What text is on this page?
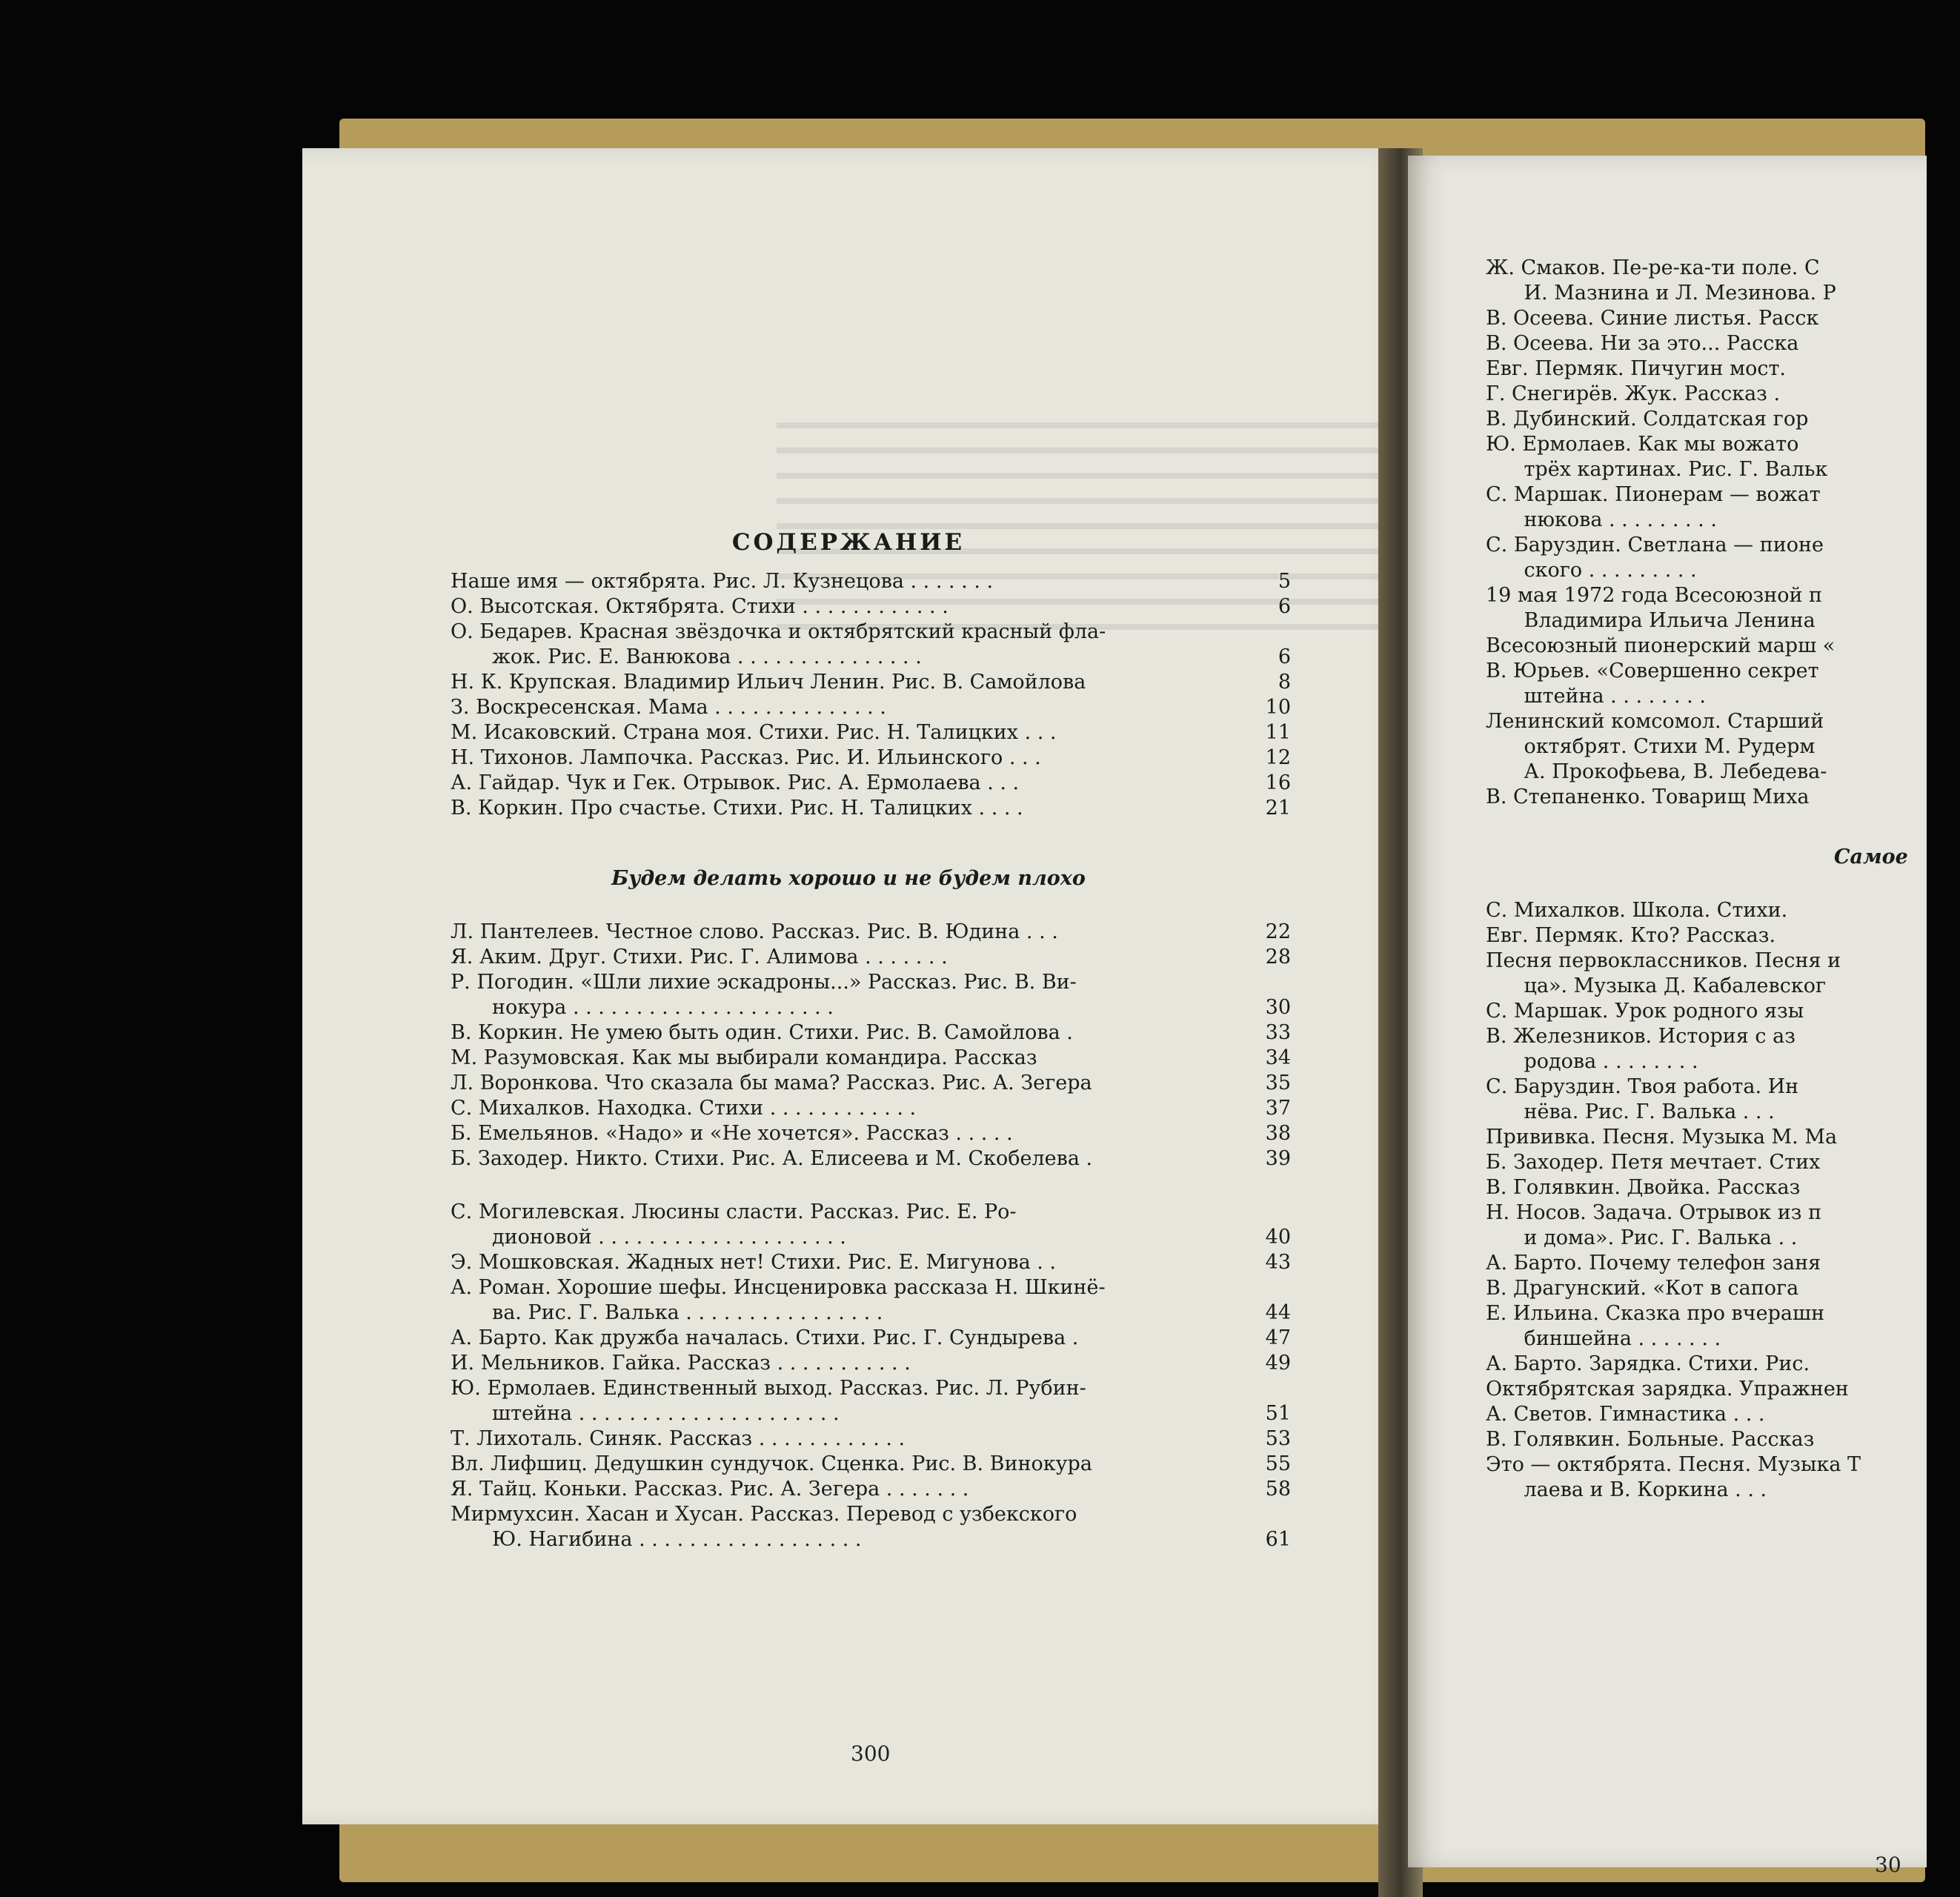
СОДЕРЖАНИЕ
Наше имя — октябрята. Рис. Л. Кузнецова . . . . . . .	5
О. Высотская. Октябрята. Стихи . . . . . . . . . . . .	6
О. Бедарев. Красная звёздочка и октябрятский красный фла-
жок. Рис. Е. Ванюкова . . . . . . . . . . . . . . .	6
Н. К. Крупская. Владимир Ильич Ленин. Рис. В. Самойлова	8
З. Воскресенская. Мама . . . . . . . . . . . . . .	10
М. Исаковский. Страна моя. Стихи. Рис. Н. Талицких . . .	11
Н. Тихонов. Лампочка. Рассказ. Рис. И. Ильинского . . .	12
А. Гайдар. Чук и Гек. Отрывок. Рис. А. Ермолаева . . .	16
В. Коркин. Про счастье. Стихи. Рис. Н. Талицких . . . .	21
Будем делать хорошо и не будем плохо
Л. Пантелеев. Честное слово. Рассказ. Рис. В. Юдина . . .	22
Я. Аким. Друг. Стихи. Рис. Г. Алимова . . . . . . .	28
Р. Погодин. «Шли лихие эскадроны...» Рассказ. Рис. В. Ви-
нокура . . . . . . . . . . . . . . . . . . . . .	30
В. Коркин. Не умею быть один. Стихи. Рис. В. Самойлова .	33
М. Разумовская. Как мы выбирали командира. Рассказ	34
Л. Воронкова. Что сказала бы мама? Рассказ. Рис. А. Зегера	35
С. Михалков. Находка. Стихи . . . . . . . . . . . .	37
Б. Емельянов. «Надо» и «Не хочется». Рассказ . . . . .	38
Б. Заходер. Никто. Стихи. Рис. А. Елисеева и М. Скобелева .	39
С. Могилевская. Люсины сласти. Рассказ. Рис. Е. Ро-
дионовой . . . . . . . . . . . . . . . . . . . .	40
Э. Мошковская. Жадных нет! Стихи. Рис. Е. Мигунова . .	43
А. Роман. Хорошие шефы. Инсценировка рассказа Н. Шкинё-
ва. Рис. Г. Валька . . . . . . . . . . . . . . . .	44
А. Барто. Как дружба началась. Стихи. Рис. Г. Сундырева .	47
И. Мельников. Гайка. Рассказ . . . . . . . . . . .	49
Ю. Ермолаев. Единственный выход. Рассказ. Рис. Л. Рубин-
штейна . . . . . . . . . . . . . . . . . . . . .	51
Т. Лихоталь. Синяк. Рассказ . . . . . . . . . . . .	53
Вл. Лифшиц. Дедушкин сундучок. Сценка. Рис. В. Винокура	55
Я. Тайц. Коньки. Рассказ. Рис. А. Зегера . . . . . . .	58
Мирмухсин. Хасан и Хусан. Рассказ. Перевод с узбекского
Ю. Нагибина . . . . . . . . . . . . . . . . . .	61
300
Ж. Смаков. Пе-ре-ка-ти поле. С
И. Мазнина и Л. Мезинова. Р
В. Осеева. Синие листья. Расск
В. Осеева. Ни за это... Расска
Евг. Пермяк. Пичугин мост.
Г. Снегирёв. Жук. Рассказ .
В. Дубинский. Солдатская гор
Ю. Ермолаев. Как мы вожато
трёх картинах. Рис. Г. Вальк
С. Маршак. Пионерам — вожат
нюкова . . . . . . . . .
С. Баруздин. Светлана — пионе
ского . . . . . . . . .
19 мая 1972 года Всесоюзной п
Владимира Ильича Ленина
Всесоюзный пионерский марш «
В. Юрьев. «Совершенно секрет
штейна . . . . . . . .
Ленинский комсомол. Старший
октябрят. Стихи М. Рудерм
А. Прокофьева, В. Лебедева-
В. Степаненко. Товарищ Миха
Самое
С. Михалков. Школа. Стихи.
Евг. Пермяк. Кто? Рассказ.
Песня первоклассников. Песня и
ца». Музыка Д. Кабалевског
С. Маршак. Урок родного язы
В. Железников. История с аз
родова . . . . . . . .
С. Баруздин. Твоя работа. Ин
нёва. Рис. Г. Валька . . .
Прививка. Песня. Музыка М. Ма
Б. Заходер. Петя мечтает. Стих
В. Голявкин. Двойка. Рассказ
Н. Носов. Задача. Отрывок из п
и дома». Рис. Г. Валька . .
А. Барто. Почему телефон заня
В. Драгунский. «Кот в сапога
Е. Ильина. Сказка про вчерашн
биншейна . . . . . . .
А. Барто. Зарядка. Стихи. Рис.
Октябрятская зарядка. Упражнен
А. Светов. Гимнастика . . .
В. Голявкин. Больные. Рассказ
Это — октябрята. Песня. Музыка Т
лаева и В. Коркина . . .
30
